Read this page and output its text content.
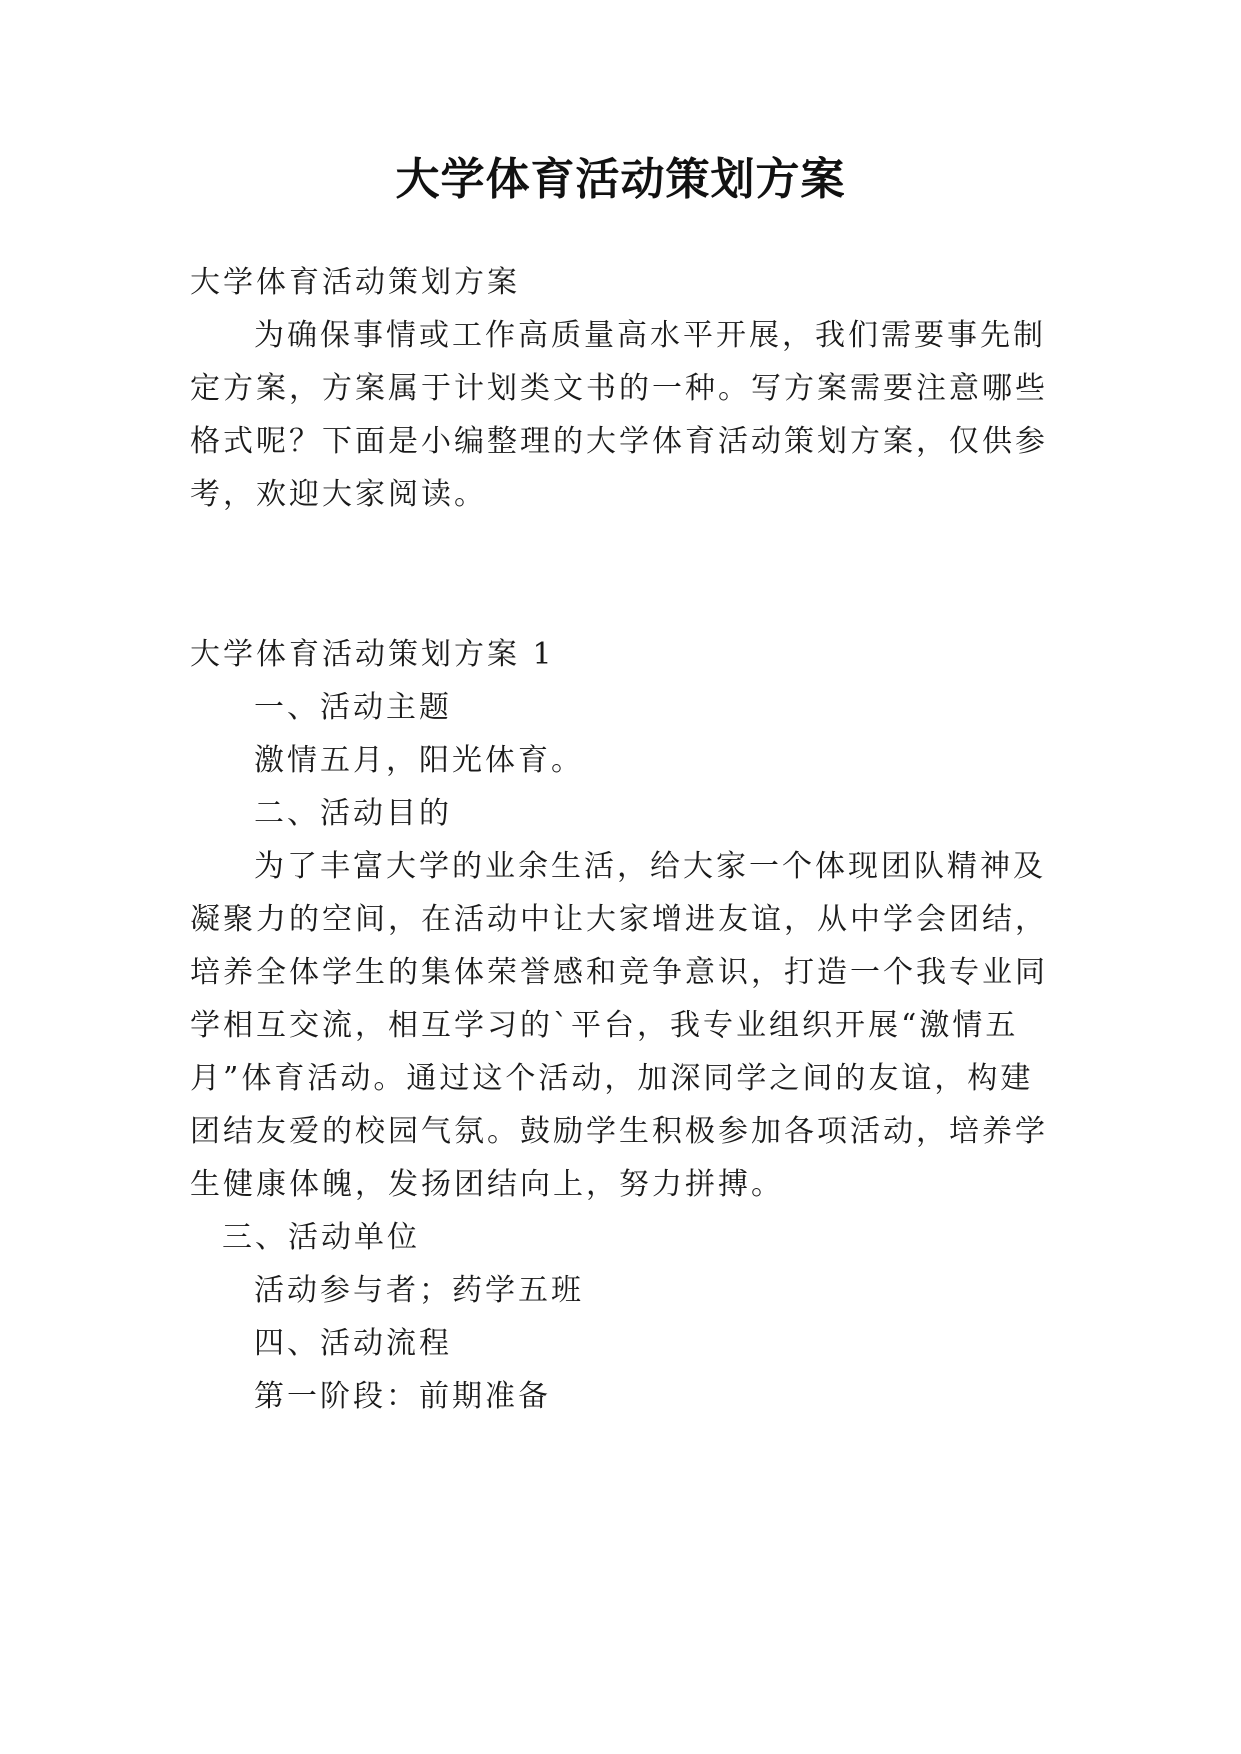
大学体育活动策划方案
大学体育活动策划方案
为确保事情或工作高质量高水平开展，我们需要事先制
定方案，方案属于计划类文书的一种。写方案需要注意哪些
格式呢？下面是小编整理的大学体育活动策划方案，仅供参
考，欢迎大家阅读。
大学体育活动策划方案 1
一、活动主题
激情五月，阳光体育。
二、活动目的
为了丰富大学的业余生活，给大家一个体现团队精神及
凝聚力的空间，在活动中让大家增进友谊，从中学会团结，
培养全体学生的集体荣誉感和竞争意识，打造一个我专业同
学相互交流，相互学习的`平台，我专业组织开展“激情五
月”体育活动。通过这个活动，加深同学之间的友谊，构建
团结友爱的校园气氛。鼓励学生积极参加各项活动，培养学
生健康体魄，发扬团结向上，努力拼搏。
三、活动单位
活动参与者；药学五班
四、活动流程
第一阶段：前期准备
